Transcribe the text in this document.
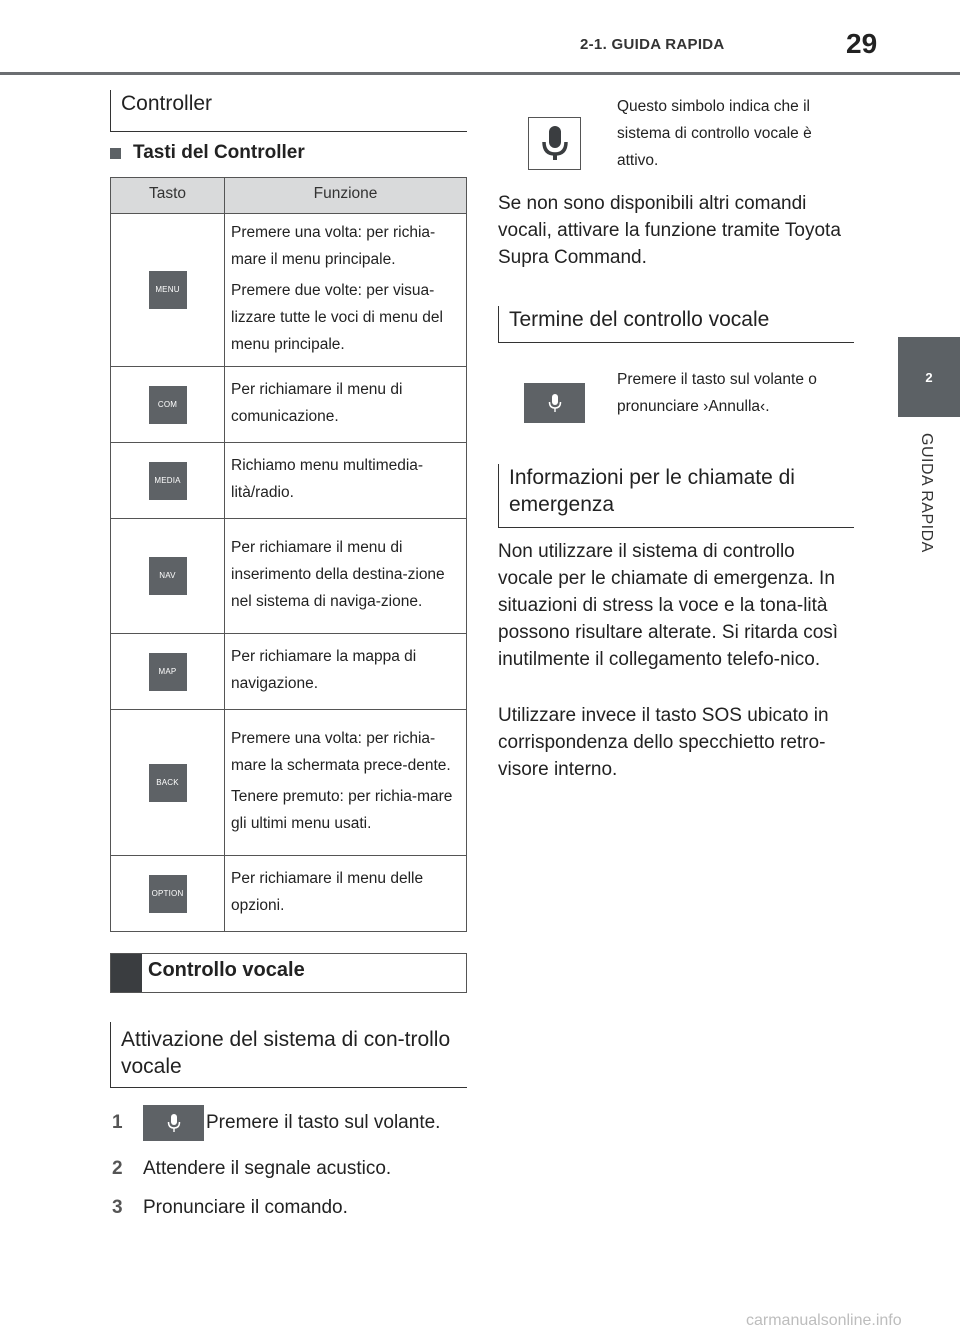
2-1. GUIDA RAPIDA	29
2
GUIDA RAPIDA
Controller
Tasti del Controller
Tasto	Funzione
MENU	Premere una volta: per richia-mare il menu principale.

Premere due volte: per visua-lizzare tutte le voci di menu del menu principale.

COM	Per richiamare il menu di comunicazione.

MEDIA	Richiamo menu multimedia-lità/radio.

NAV	Per richiamare il menu di inserimento della destina-zione nel sistema di naviga-zione.

MAP	Per richiamare la mappa di navigazione.

BACK	Premere una volta: per richia-mare la schermata prece-dente.

Tenere premuto: per richia-mare gli ultimi menu usati.

OPTION	Per richiamare il menu delle opzioni.

Controllo vocale
Attivazione del sistema di con-trollo vocale
1	Premere il tasto sul volante.
2	Attendere il segnale acustico.
3	Pronunciare il comando.
Questo simbolo indica che il sistema di controllo vocale è attivo.
Se non sono disponibili altri comandi vocali, attivare la funzione tramite Toyota Supra Command.
Termine del controllo vocale
Premere il tasto sul volante o pronunciare ›Annulla‹.
Informazioni per le chiamate di emergenza
Non utilizzare il sistema di controllo vocale per le chiamate di emergenza. In situazioni di stress la voce e la tona-lità possono risultare alterate. Si ritarda così inutilmente il collegamento telefo-nico.
Utilizzare invece il tasto SOS ubicato in corrispondenza dello specchietto retro-visore interno.
carmanualsonline.info
